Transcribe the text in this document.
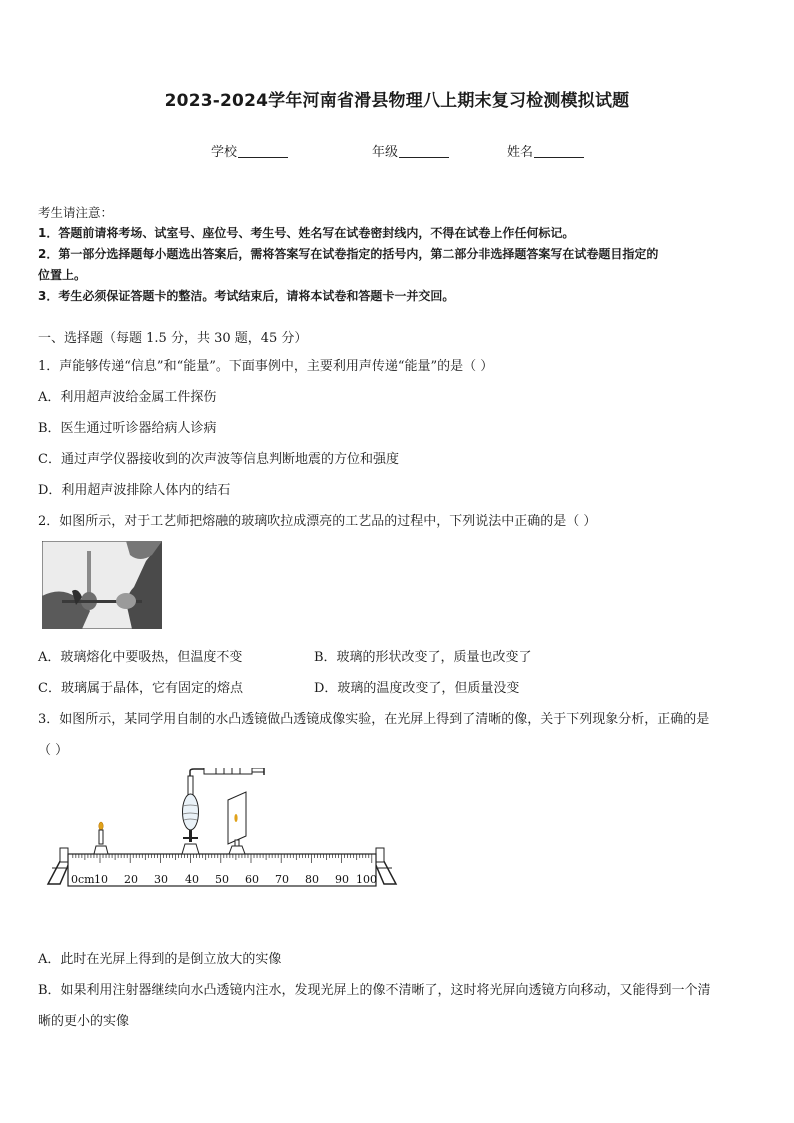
2023-2024学年河南省滑县物理八上期末复习检测模拟试题
学校	年级	姓名
考生请注意：
1．答题前请将考场、试室号、座位号、考生号、姓名写在试卷密封线内，不得在试卷上作任何标记。
2．第一部分选择题每小题选出答案后，需将答案写在试卷指定的括号内，第二部分非选择题答案写在试卷题目指定的
位置上。
3．考生必须保证答题卡的整洁。考试结束后，请将本试卷和答题卡一并交回。
一、选择题（每题 1.5 分，共 30 题，45 分）
1．声能够传递“信息”和“能量”。下面事例中，主要利用声传递“能量”的是（ ）
A．利用超声波给金属工件探伤
B．医生通过听诊器给病人诊病
C．通过声学仪器接收到的次声波等信息判断地震的方位和强度
D．利用超声波排除人体内的结石
2．如图所示，对于工艺师把熔融的玻璃吹拉成漂亮的工艺品的过程中，下列说法中正确的是（ ）
A．玻璃熔化中要吸热，但温度不变	B．玻璃的形状改变了，质量也改变了
C．玻璃属于晶体，它有固定的熔点	D．玻璃的温度改变了，但质量没变
3．如图所示，某同学用自制的水凸透镜做凸透镜成像实验，在光屏上得到了清晰的像，关于下列现象分析，正确的是
（ ）
0cm 10 20 30 40 50 60 70 80 90 100
A．此时在光屏上得到的是倒立放大的实像
B．如果利用注射器继续向水凸透镜内注水，发现光屏上的像不清晰了，这时将光屏向透镜方向移动，又能得到一个清
晰的更小的实像
